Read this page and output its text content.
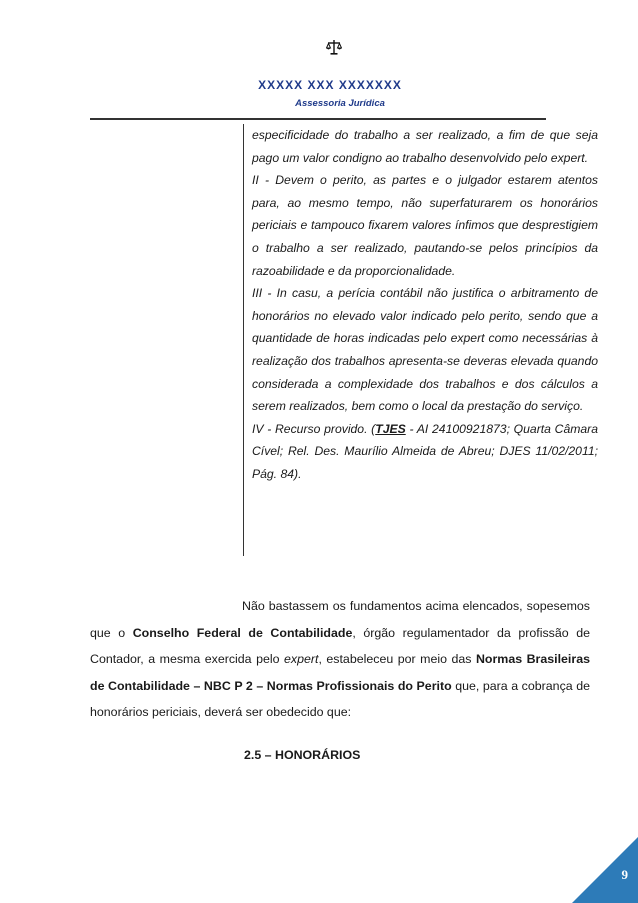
XXXXX XXX XXXXXXX
Assessoria Jurídica

especificidade do trabalho a ser realizado, a fim de que seja pago um valor condigno ao trabalho desenvolvido pelo expert.

II - Devem o perito, as partes e o julgador estarem atentos para, ao mesmo tempo, não superfaturarem os honorários periciais e tampouco fixarem valores ínfimos que desprestigiem o trabalho a ser realizado, pautando-se pelos princípios da razoabilidade e da proporcionalidade.

III - In casu, a perícia contábil não justifica o arbitramento de honorários no elevado valor indicado pelo perito, sendo que a quantidade de horas indicadas pelo expert como necessárias à realização dos trabalhos apresenta-se deveras elevada quando considerada a complexidade dos trabalhos e dos cálculos a serem realizados, bem como o local da prestação do serviço.

IV - Recurso provido. (TJES - AI 24100921873; Quarta Câmara Cível; Rel. Des. Maurílio Almeida de Abreu; DJES 11/02/2011; Pág. 84).

Não bastassem os fundamentos acima elencados, sopesemos que o Conselho Federal de Contabilidade, órgão regulamentador da profissão de Contador, a mesma exercida pelo expert, estabeleceu por meio das Normas Brasileiras de Contabilidade – NBC P 2 – Normas Profissionais do Perito que, para a cobrança de honorários periciais, deverá ser obedecido que:

2.5 – HONORÁRIOS

9
